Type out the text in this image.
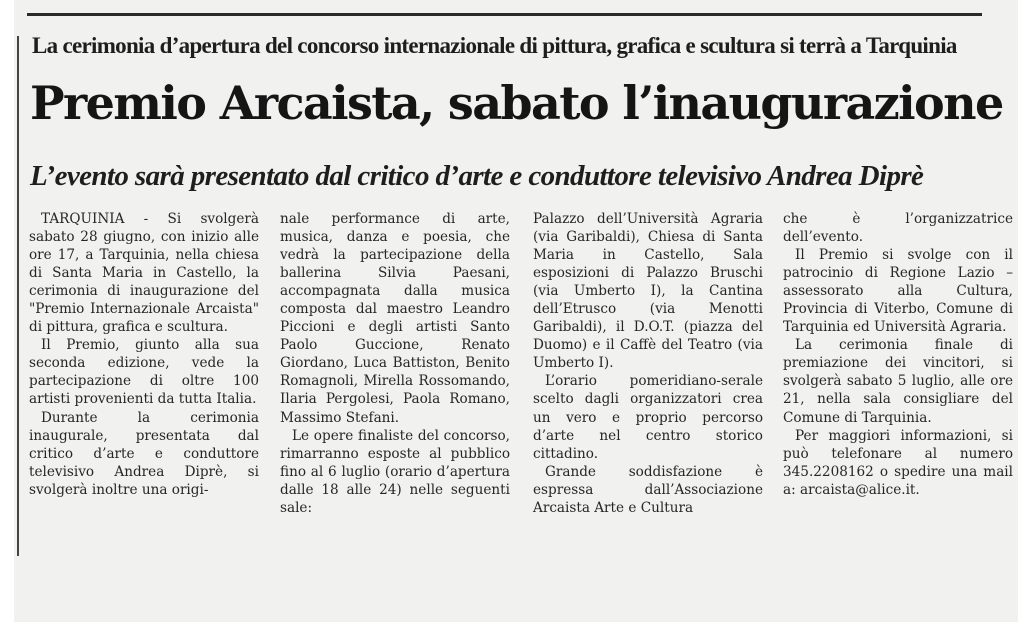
La cerimonia d’apertura del concorso internazionale di pittura, grafica e scultura si terrà a Tarquinia
Premio Arcaista, sabato l’inaugurazione
L’evento sarà presentato dal critico d’arte e conduttore televisivo Andrea Diprè

TARQUINIA - Si svolgerà sabato 28 giugno, con inizio alle ore 17, a Tarquinia, nella chiesa di Santa Maria in Castello, la cerimonia di inaugurazione del "Premio Internazionale Arcaista" di pittura, grafica e scultura.

Il Premio, giunto alla sua seconda edizione, vede la partecipazione di oltre 100 artisti provenienti da tutta Italia.

Durante la cerimonia inaugurale, presentata dal critico d’arte e conduttore televisivo Andrea Diprè, si svolgerà inoltre una origi-

nale performance di arte, musica, danza e poesia, che vedrà la partecipazione della ballerina Silvia Paesani, accompagnata dalla musica composta dal maestro Leandro Piccioni e degli artisti Santo Paolo Guccione, Renato Giordano, Luca Battiston, Benito Romagnoli, Mirella Rossomando, Ilaria Pergolesi, Paola Romano, Massimo Stefani.

Le opere finaliste del concorso, rimarranno esposte al pubblico fino al 6 luglio (orario d’apertura dalle 18 alle 24) nelle seguenti sale:

Palazzo dell’Università Agraria (via Garibaldi), Chiesa di Santa Maria in Castello, Sala esposizioni di Palazzo Bruschi (via Umberto I), la Cantina dell’Etrusco (via Menotti Garibaldi), il D.O.T. (piazza del Duomo) e il Caffè del Teatro (via Umberto I).

L’orario pomeridiano-serale scelto dagli organizzatori crea un vero e proprio percorso d’arte nel centro storico cittadino.

Grande soddisfazione è espressa dall’Associazione Arcaista Arte e Cultura

che è l’organizzatrice dell’evento.

Il Premio si svolge con il patrocinio di Regione Lazio – assessorato alla Cultura, Provincia di Viterbo, Comune di Tarquinia ed Università Agraria.

La cerimonia finale di premiazione dei vincitori, si svolgerà sabato 5 luglio, alle ore 21, nella sala consigliare del Comune di Tarquinia.

Per maggiori informazioni, si può telefonare al numero 345.2208162 o spedire una mail a: arcaista@alice.it.
